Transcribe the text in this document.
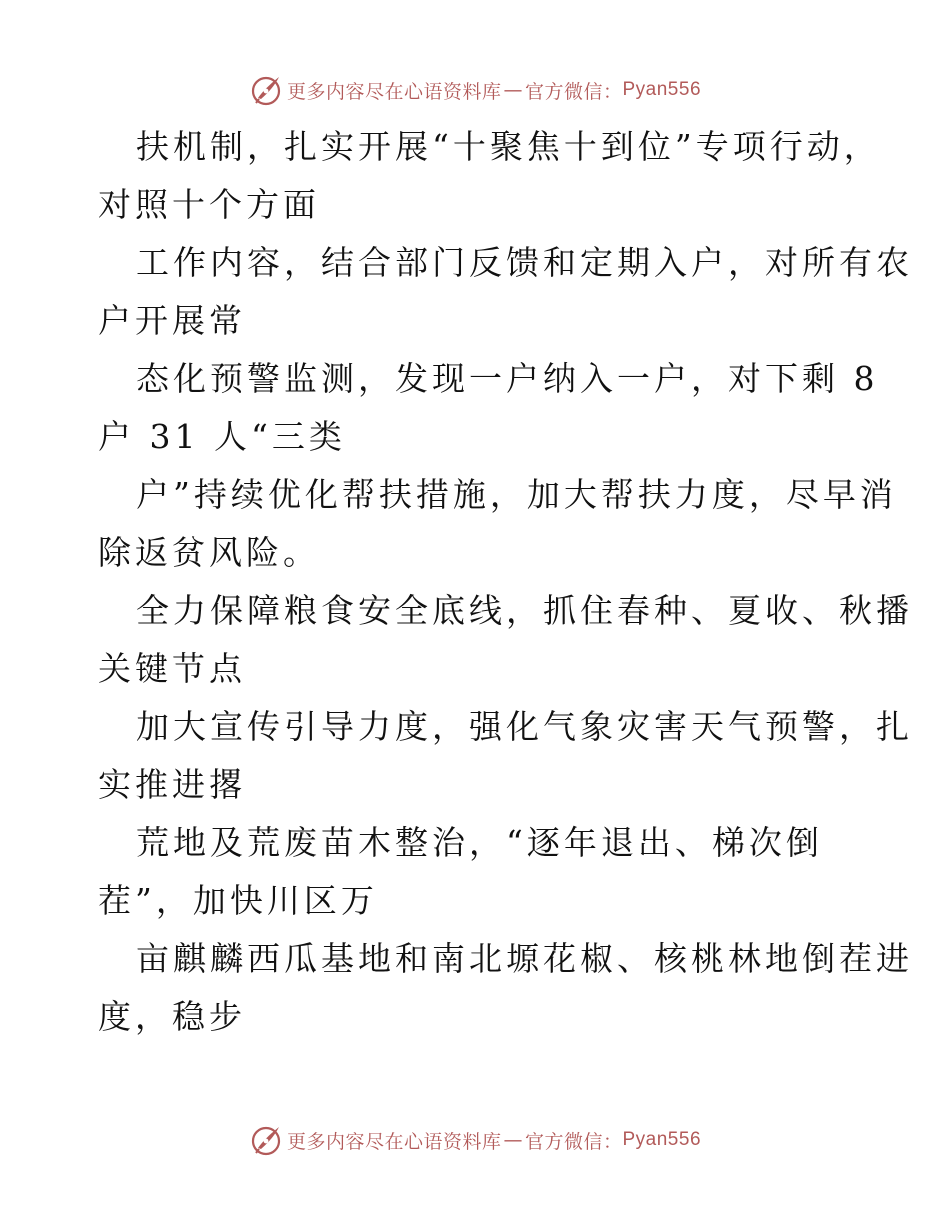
更多内容尽在心语资料库 — 官方微信： Pyan556
扶机制，扎实开展“十聚焦十到位”专项行动，
对照十个方面
工作内容，结合部门反馈和定期入户，对所有农
户开展常
态化预警监测，发现一户纳入一户，对下剩 8
户 31 人“三类
户”持续优化帮扶措施，加大帮扶力度，尽早消
除返贫风险。
全力保障粮食安全底线，抓住春种、夏收、秋播
关键节点
加大宣传引导力度，强化气象灾害天气预警，扎
实推进撂
荒地及荒废苗木整治，“逐年退出、梯次倒
茬”，加快川区万
亩麒麟西瓜基地和南北塬花椒、核桃林地倒茬进
度，稳步
更多内容尽在心语资料库 — 官方微信： Pyan556
